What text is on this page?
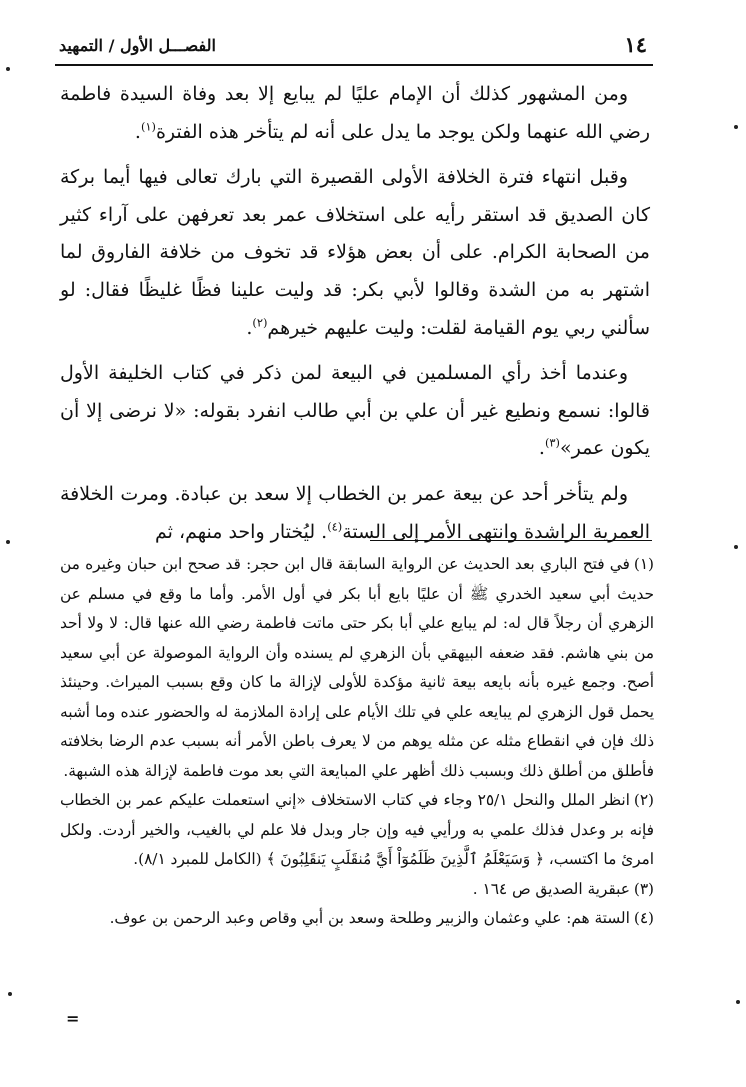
١٤
الفصـــل الأول / التمهيد

ومن المشهور كذلك أن الإمام عليًا لم يبايع إلا بعد وفاة السيدة فاطمة رضي الله عنهما ولكن يوجد ما يدل على أنه لم يتأخر هذه الفترة$^{(١)}$.

وقبل انتهاء فترة الخلافة الأولى القصيرة التي بارك تعالى فيها أيما بركة كان الصديق قد استقر رأيه على استخلاف عمر بعد تعرفهن على آراء كثير من الصحابة الكرام. على أن بعض هؤلاء قد تخوف من خلافة الفاروق لما اشتهر به من الشدة وقالوا لأبي بكر: قد وليت علينا فظًا غليظًا فقال: لو سألني ربي يوم القيامة لقلت: وليت عليهم خيرهم$^{(٢)}$.

وعندما أخذ رأي المسلمين في البيعة لمن ذكر في كتاب الخليفة الأول قالوا: نسمع ونطيع غير أن علي بن أبي طالب انفرد بقوله: «لا نرضى إلا أن يكون عمر»$^{(٣)}$.

ولم يتأخر أحد عن بيعة عمر بن الخطاب إلا سعد بن عبادة. ومرت الخلافة العمرية الراشدة وانتهى الأمر إلى الستة$^{(٤)}$. ليُختار واحد منهم، ثم

(١)في فتح الباري بعد الحديث عن الرواية السابقة قال ابن حجر: قد صحح ابن حبان وغيره من حديث أبي سعيد الخدري ﷺ أن عليًا بايع أبا بكر في أول الأمر. وأما ما وقع في مسلم عن الزهري أن رجلاً قال له: لم يبايع علي أبا بكر حتى ماتت فاطمة رضي الله عنها قال: لا ولا أحد من بني هاشم. فقد ضعفه البيهقي بأن الزهري لم يسنده وأن الرواية الموصولة عن أبي سعيد أصح. وجمع غيره بأنه بايعه بيعة ثانية مؤكدة للأولى لإزالة ما كان وقع بسبب الميراث. وحينئذ يحمل قول الزهري لم يبايعه علي في تلك الأيام على إرادة الملازمة له والحضور عنده وما أشبه ذلك فإن في انقطاع مثله عن مثله يوهم من لا يعرف باطن الأمر أنه بسبب عدم الرضا بخلافته فأطلق من أطلق ذلك وبسبب ذلك أظهر علي المبايعة التي بعد موت فاطمة لإزالة هذه الشبهة.

(٢)انظر الملل والنحل ٢٥/١ وجاء في كتاب الاستخلاف «إني استعملت عليكم عمر بن الخطاب فإنه بر وعدل فذلك علمي به ورأيي فيه وإن جار وبدل فلا علم لي بالغيب، والخير أردت. ولكل امرئ ما اكتسب، ﴿ وَسَيَعْلَمُ ٱلَّذِينَ ظَلَمُوٓاْ أَيَّ مُنقَلَبٍ يَنقَلِبُونَ ﴾ (الكامل للمبرد ٨/١).

(٣)عبقرية الصديق ص ١٦٤ .

(٤)الستة هم: علي وعثمان والزبير وطلحة وسعد بن أبي وقاص وعبد الرحمن بن عوف.

=
